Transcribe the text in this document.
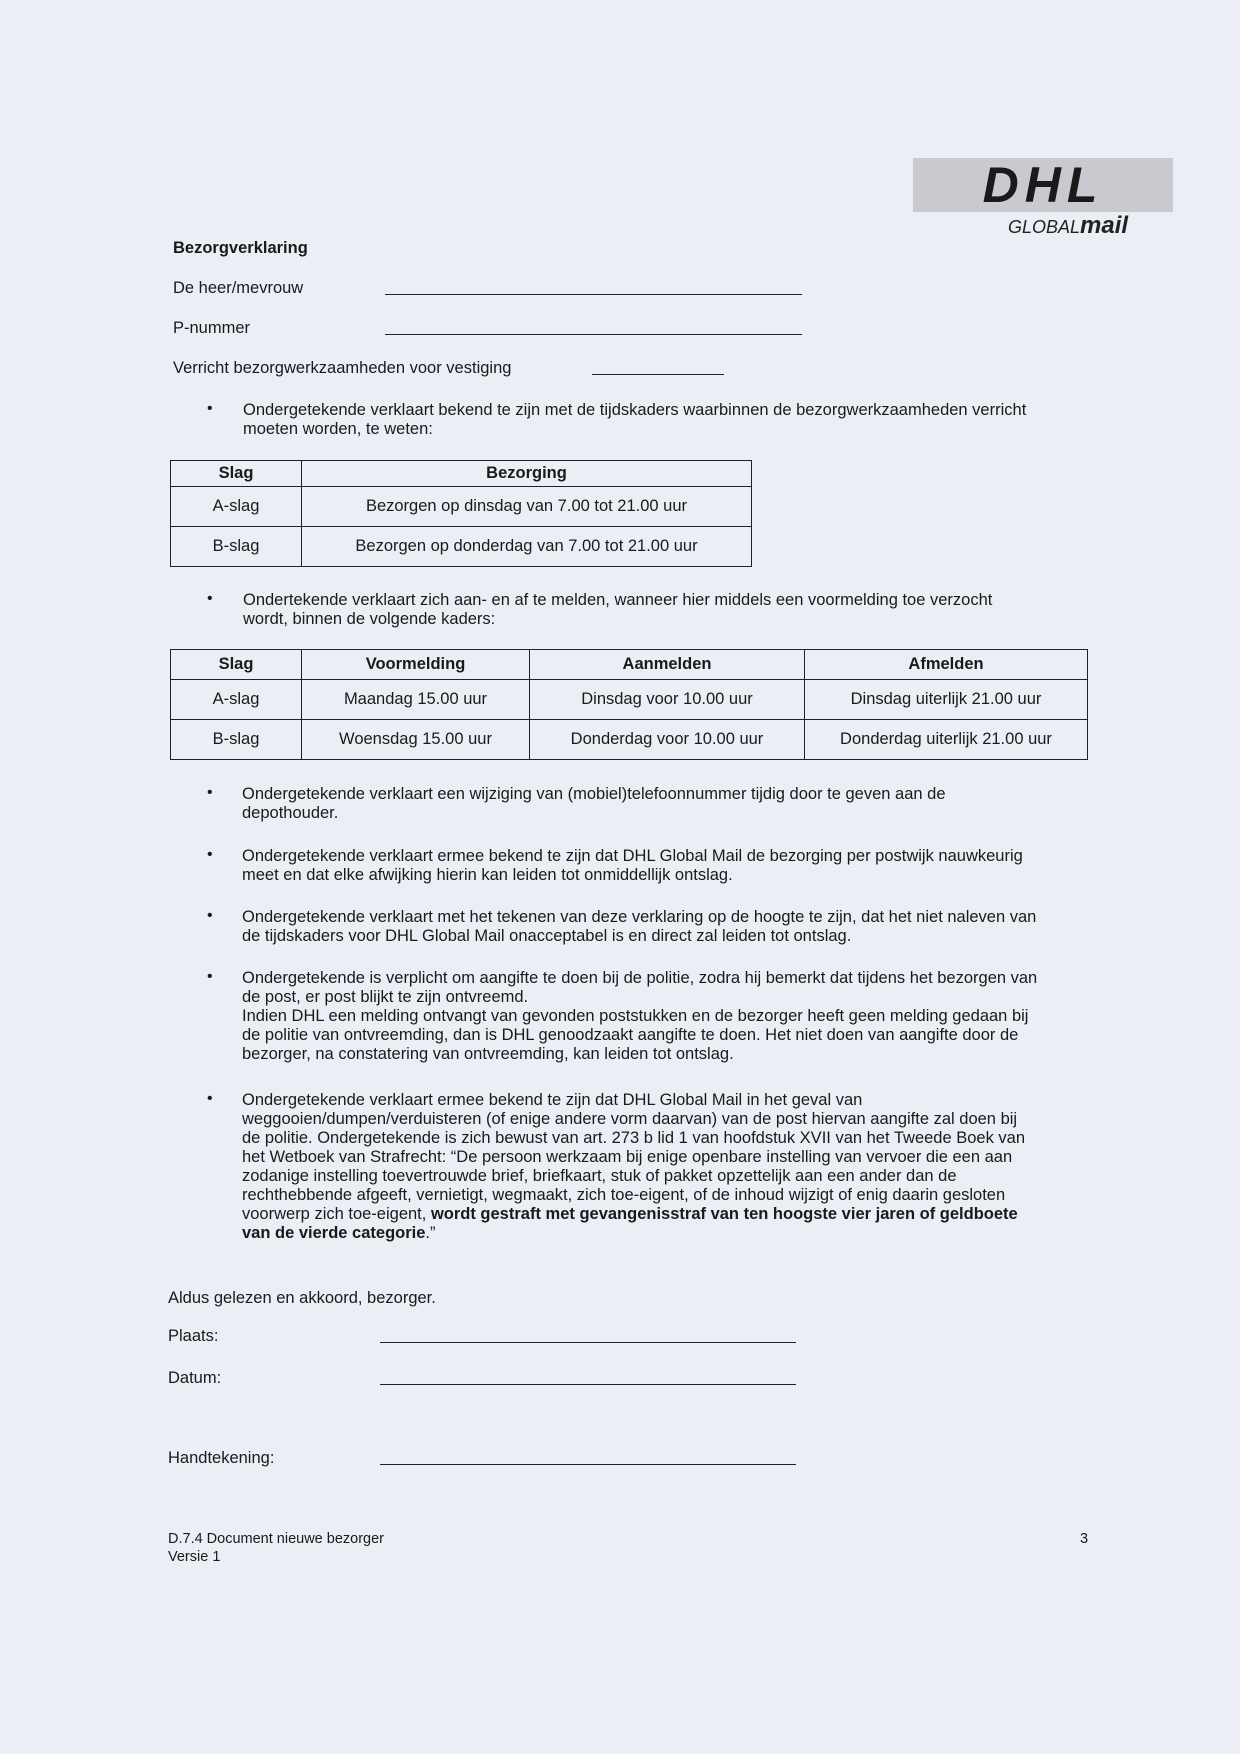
DHL
GLOBALmail
Bezorgverklaring
De heer/mevrouw
P-nummer
Verricht bezorgwerkzaamheden voor vestiging
• Ondergetekende verklaart bekend te zijn met de tijdskaders waarbinnen de bezorgwerkzaamheden verricht
moeten worden, te weten:
Slag	Bezorging
A-slag	Bezorgen op dinsdag van 7.00 tot 21.00 uur
B-slag	Bezorgen op donderdag van 7.00 tot 21.00 uur
• Ondertekende verklaart zich aan- en af te melden, wanneer hier middels een voormelding toe verzocht
wordt, binnen de volgende kaders:
Slag	Voormelding	Aanmelden	Afmelden
A-slag	Maandag 15.00 uur	Dinsdag voor 10.00 uur	Dinsdag uiterlijk 21.00 uur
B-slag	Woensdag 15.00 uur	Donderdag voor 10.00 uur	Donderdag uiterlijk 21.00 uur
• Ondergetekende verklaart een wijziging van (mobiel)telefoonnummer tijdig door te geven aan de
depothouder.
• Ondergetekende verklaart ermee bekend te zijn dat DHL Global Mail de bezorging per postwijk nauwkeurig
meet en dat elke afwijking hierin kan leiden tot onmiddellijk ontslag.
• Ondergetekende verklaart met het tekenen van deze verklaring op de hoogte te zijn, dat het niet naleven van
de tijdskaders voor DHL Global Mail onacceptabel is en direct zal leiden tot ontslag.
• Ondergetekende is verplicht om aangifte te doen bij de politie, zodra hij bemerkt dat tijdens het bezorgen van
de post, er post blijkt te zijn ontvreemd.
Indien DHL een melding ontvangt van gevonden poststukken en de bezorger heeft geen melding gedaan bij
de politie van ontvreemding, dan is DHL genoodzaakt aangifte te doen. Het niet doen van aangifte door de
bezorger, na constatering van ontvreemding, kan leiden tot ontslag.
• Ondergetekende verklaart ermee bekend te zijn dat DHL Global Mail in het geval van
weggooien/dumpen/verduisteren (of enige andere vorm daarvan) van de post hiervan aangifte zal doen bij
de politie. Ondergetekende is zich bewust van art. 273 b lid 1 van hoofdstuk XVII van het Tweede Boek van
het Wetboek van Strafrecht: “De persoon werkzaam bij enige openbare instelling van vervoer die een aan
zodanige instelling toevertrouwde brief, briefkaart, stuk of pakket opzettelijk aan een ander dan de
rechthebbende afgeeft, vernietigt, wegmaakt, zich toe-eigent, of de inhoud wijzigt of enig daarin gesloten
voorwerp zich toe-eigent, wordt gestraft met gevangenisstraf van ten hoogste vier jaren of geldboete
van de vierde categorie.”
Aldus gelezen en akkoord, bezorger.
Plaats:
Datum:
Handtekening:
D.7.4 Document nieuwe bezorger
Versie 1
3
